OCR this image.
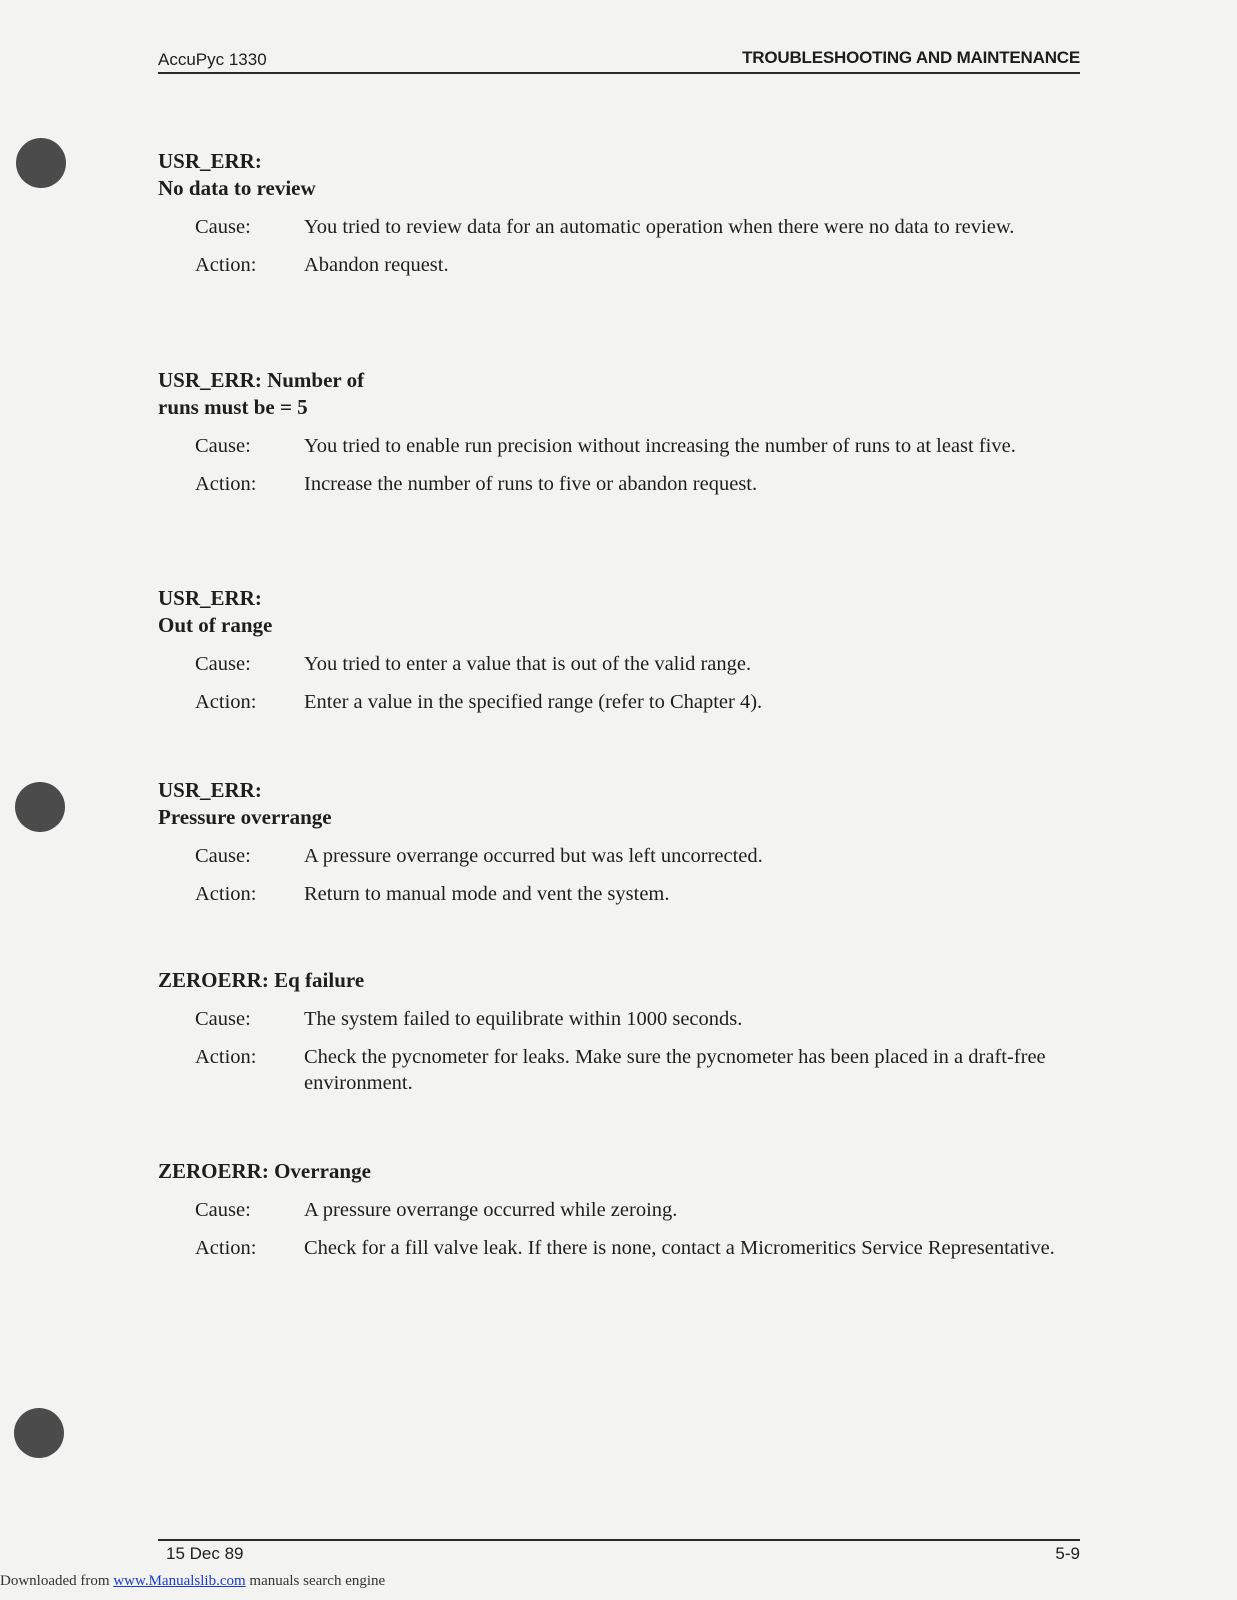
AccuPyc 1330	TROUBLESHOOTING AND MAINTENANCE
USR_ERR:
No data to review
Cause:	You tried to review data for an automatic operation when there were no data to review.
Action: Abandon request.
USR_ERR: Number of
runs must be = 5
Cause:	You tried to enable run precision without increasing the number of runs to at least five.
Action: Increase the number of runs to five or abandon request.
USR_ERR:
Out of range
Cause:	You tried to enter a value that is out of the valid range.
Action: Enter a value in the specified range (refer to Chapter 4).
USR_ERR:
Pressure overrange
Cause:	A pressure overrange occurred but was left uncorrected.
Action: Return to manual mode and vent the system.
ZEROERR: Eq failure
Cause:	The system failed to equilibrate within 1000 seconds.
Action: Check the pycnometer for leaks. Make sure the pycnometer has been placed in a draft-free environment.
ZEROERR: Overrange
Cause:	A pressure overrange occurred while zeroing.
Action: Check for a fill valve leak. If there is none, contact a Micromeritics Service Representative.
15 Dec 89	5-9
Downloaded from www.Manualslib.com manuals search engine
